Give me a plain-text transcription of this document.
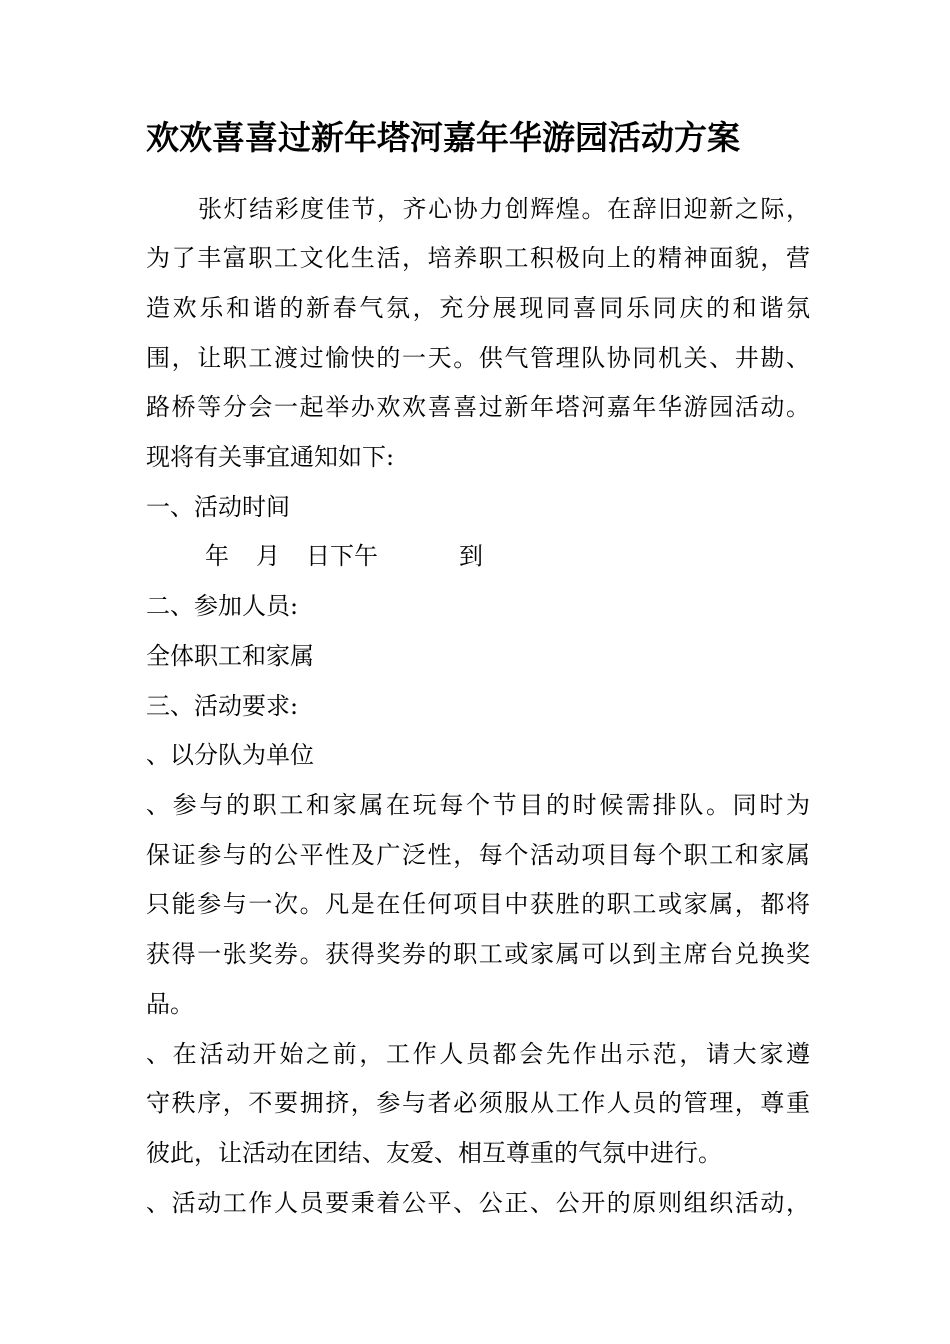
欢欢喜喜过新年塔河嘉年华游园活动方案

张灯结彩度佳节，齐心协力创辉煌。在辞旧迎新之际，

为了丰富职工文化生活，培养职工积极向上的精神面貌，营

造欢乐和谐的新春气氛，充分展现同喜同乐同庆的和谐氛

围，让职工渡过愉快的一天。供气管理队协同机关、井勘、

路桥等分会一起举办欢欢喜喜过新年塔河嘉年华游园活动。

现将有关事宜通知如下:

一、活动时间

年 月 日下午	到

二、参加人员:

全体职工和家属

三、活动要求:

、以分队为单位

、参与的职工和家属在玩每个节目的时候需排队。同时为

保证参与的公平性及广泛性，每个活动项目每个职工和家属

只能参与一次。凡是在任何项目中获胜的职工或家属，都将

获得一张奖券。获得奖券的职工或家属可以到主席台兑换奖

品。

、在活动开始之前，工作人员都会先作出示范，请大家遵

守秩序，不要拥挤，参与者必须服从工作人员的管理，尊重

彼此，让活动在团结、友爱、相互尊重的气氛中进行。

、活动工作人员要秉着公平、公正、公开的原则组织活动，
